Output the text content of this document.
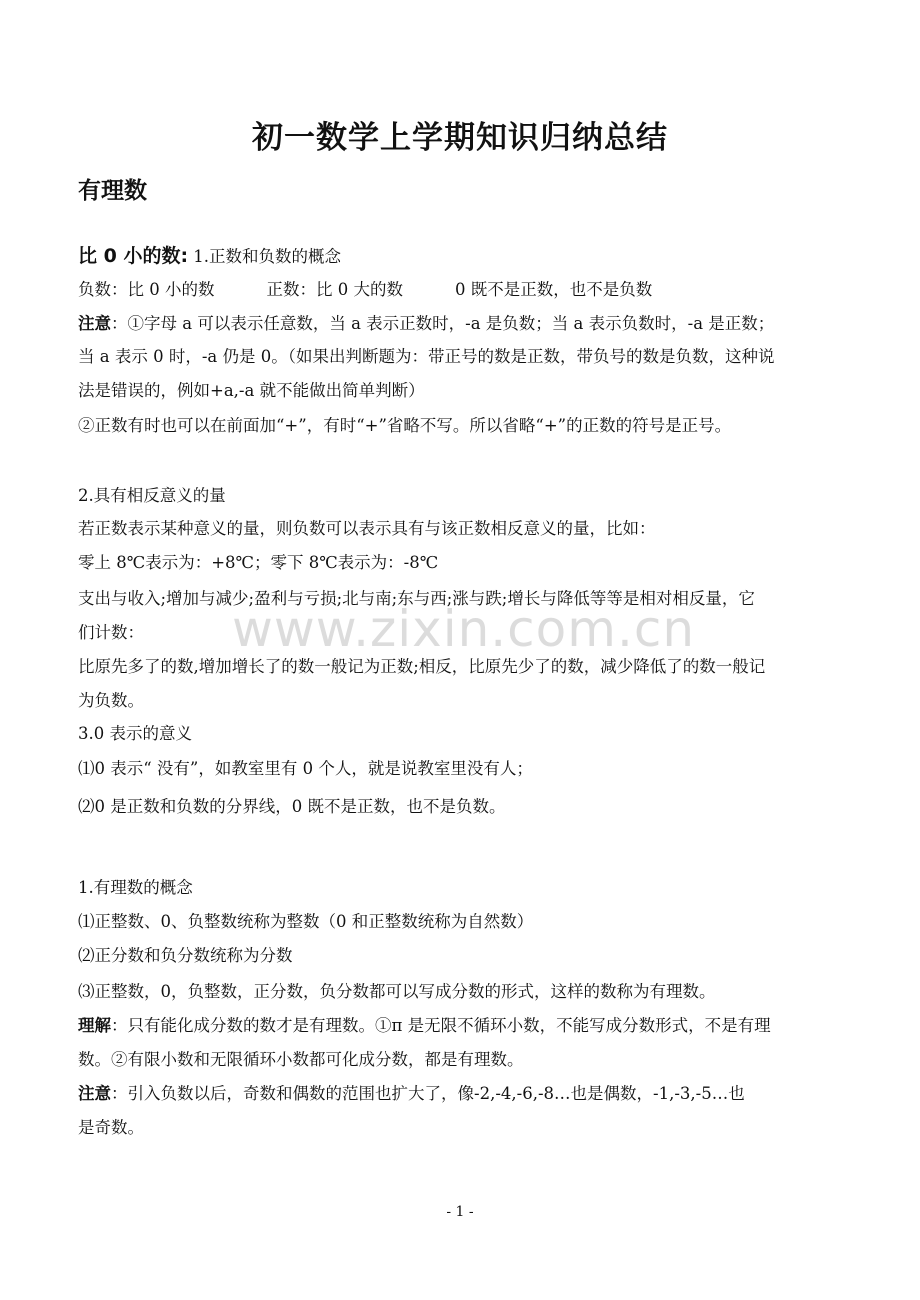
初一数学上学期知识归纳总结
有理数
比 0 小的数: 1.正数和负数的概念
负数：比 0 小的数	正数：比 0 大的数	0 既不是正数，也不是负数
注意：①字母 a 可以表示任意数，当 a 表示正数时，-a 是负数；当 a 表示负数时，-a 是正数；
当 a 表示 0 时，-a 仍是 0。（如果出判断题为：带正号的数是正数，带负号的数是负数，这种说
法是错误的，例如+a,-a 就不能做出简单判断）
②正数有时也可以在前面加“+”，有时“+”省略不写。所以省略“+”的正数的符号是正号。
2.具有相反意义的量
若正数表示某种意义的量，则负数可以表示具有与该正数相反意义的量，比如：
零上 8℃表示为：+8℃；零下 8℃表示为：-8℃
支出与收入;增加与减少;盈利与亏损;北与南;东与西;涨与跌;增长与降低等等是相对相反量，它
们计数：
比原先多了的数,增加增长了的数一般记为正数;相反，比原先少了的数，减少降低了的数一般记
为负数。
3.0 表示的意义
⑴0 表示“ 没有”，如教室里有 0 个人，就是说教室里没有人；
⑵0 是正数和负数的分界线，0 既不是正数，也不是负数。
1.有理数的概念
⑴正整数、0、负整数统称为整数（0 和正整数统称为自然数）
⑵正分数和负分数统称为分数
⑶正整数，0，负整数，正分数，负分数都可以写成分数的形式，这样的数称为有理数。
理解：只有能化成分数的数才是有理数。①π 是无限不循环小数，不能写成分数形式，不是有理
数。②有限小数和无限循环小数都可化成分数，都是有理数。
注意：引入负数以后，奇数和偶数的范围也扩大了，像-2,-4,-6,-8…也是偶数，-1,-3,-5…也
是奇数。
www.zixin.com.cn
- 1 -
